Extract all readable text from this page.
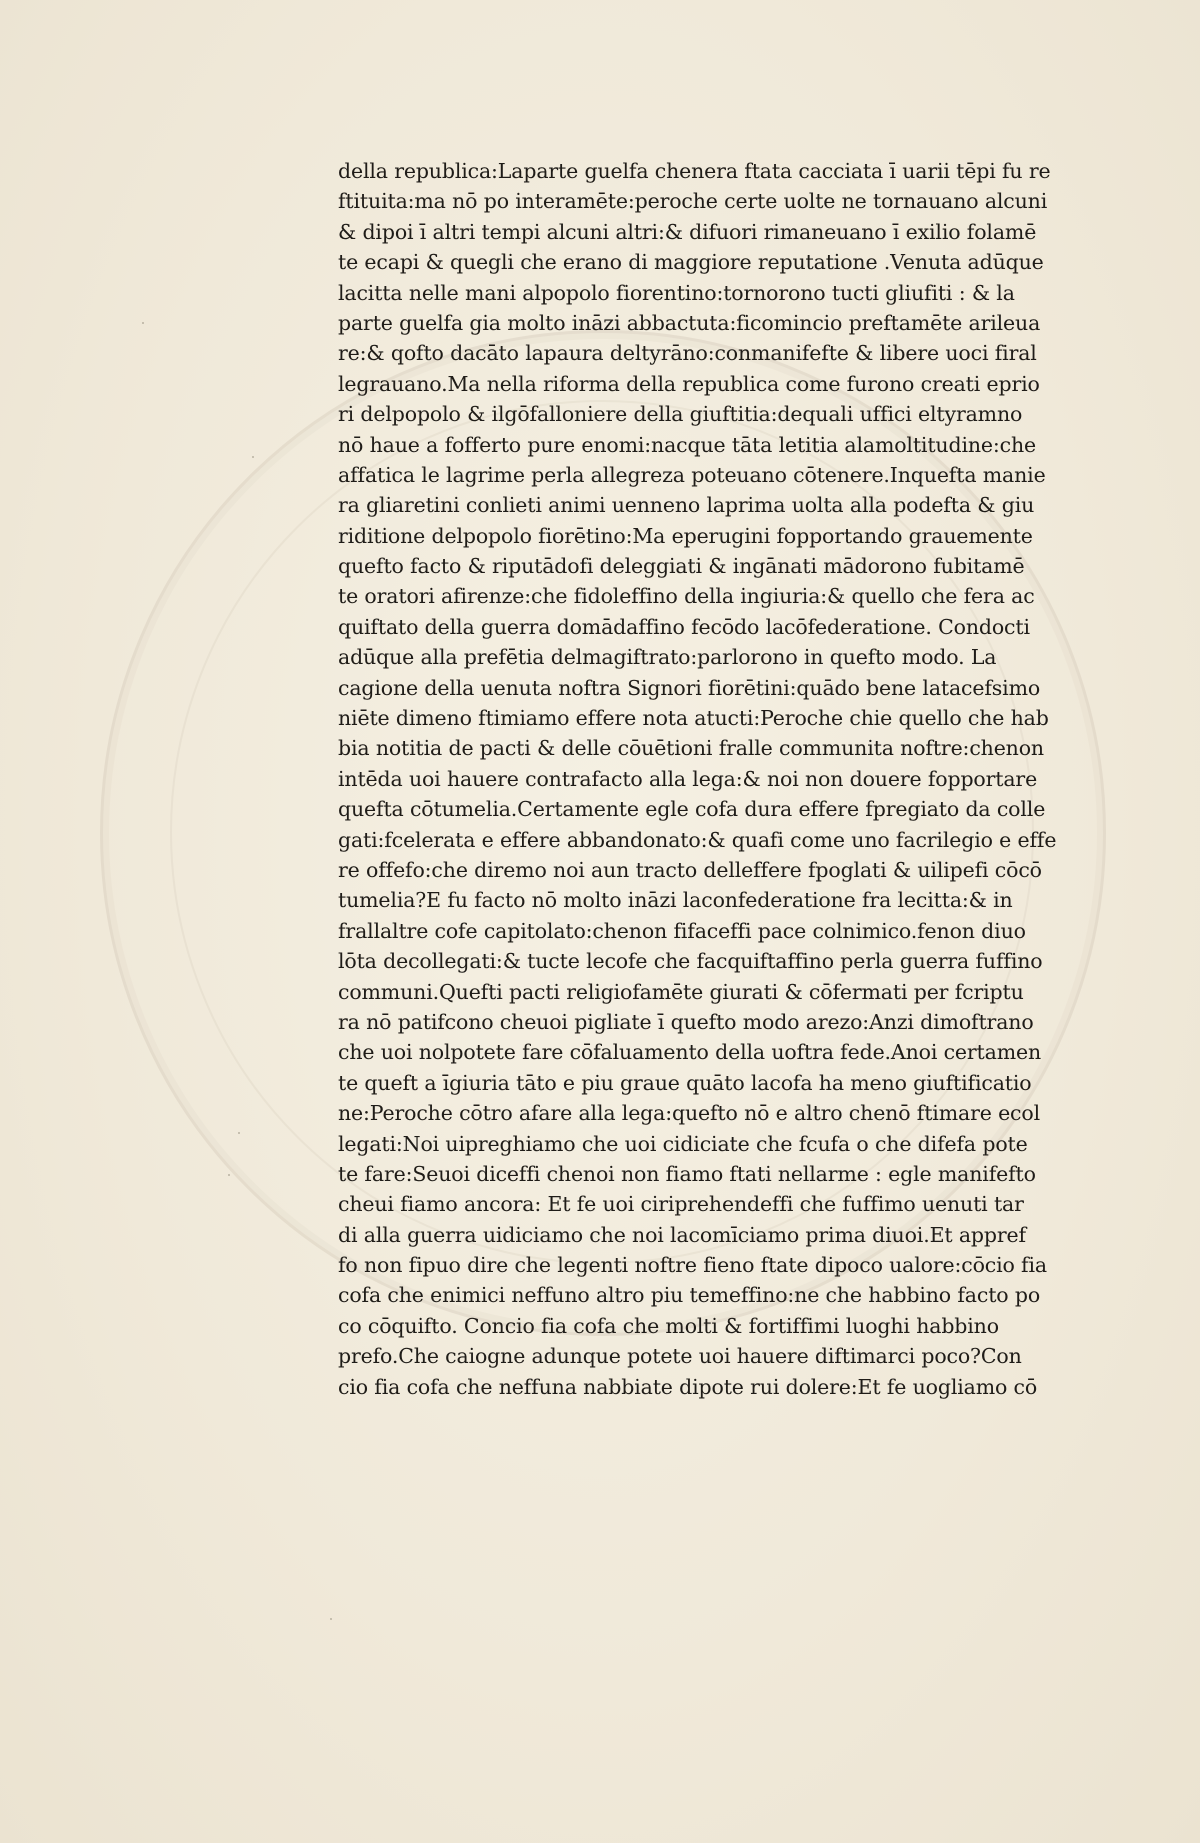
della republica:Laparte guelfa chenera ftata cacciata ī uarii tēpi fu re
ftituita:ma nō po interamēte:peroche certe uolte ne tornauano alcuni
& dipoi ī altri tempi alcuni altri:& difuori rimaneuano ī exilio folamē
te ecapi & quegli che erano di maggiore reputatione .Venuta adūque
lacitta nelle mani alpopolo fiorentino:tornorono tucti gliufiti : & la
parte guelfa gia molto ināzi abbactuta:ficomincio preftamēte arileua
re:& qofto dacāto lapaura deltyrāno:conmanifefte & libere uoci firal
legrauano.Ma nella riforma della republica come furono creati eprio
ri delpopolo & ilgōfalloniere della giuftitia:dequali uffici eltyramno
nō haue a fofferto pure enomi:nacque tāta letitia alamoltitudine:che
affatica le lagrime perla allegreza poteuano cōtenere.Inquefta manie
ra gliaretini conlieti animi uenneno laprima uolta alla podefta & giu
riditione delpopolo fiorētino:Ma eperugini fopportando grauemente
quefto facto & riputādofi deleggiati & ingānati mādorono fubitamē
te oratori afirenze:che fidoleffino della ingiuria:& quello che fera ac
quiftato della guerra domādaffino fecōdo lacōfederatione. Condocti
adūque alla prefētia delmagiftrato:parlorono in quefto modo. La
cagione della uenuta noftra Signori fiorētini:quādo bene latacefsimo
niēte dimeno ftimiamo effere nota atucti:Peroche chie quello che hab
bia notitia de pacti & delle cōuētioni fralle communita noftre:chenon
intēda uoi hauere contrafacto alla lega:& noi non douere fopportare
quefta cōtumelia.Certamente egle cofa dura effere fpregiato da colle
gati:fcelerata e effere abbandonato:& quafi come uno facrilegio e effe
re offefo:che diremo noi aun tracto delleffere fpoglati & uilipefi cōcō
tumelia?E fu facto nō molto ināzi laconfederatione fra lecitta:& in
frallaltre cofe capitolato:chenon fifaceffi pace colnimico.fenon diuo
lōta decollegati:& tucte lecofe che facquiftaffino perla guerra fuffino
communi.Quefti pacti religiofamēte giurati & cōfermati per fcriptu
ra nō patifcono cheuoi pigliate ī quefto modo arezo:Anzi dimoftrano
che uoi nolpotete fare cōfaluamento della uoftra fede.Anoi certamen
te queft a īgiuria tāto e piu graue quāto lacofa ha meno giuftificatio
ne:Peroche cōtro afare alla lega:quefto nō e altro chenō ftimare ecol
legati:Noi uipreghiamo che uoi cidiciate che fcufa o che difefa pote
te fare:Seuoi diceffi chenoi non fiamo ftati nellarme : egle manifefto
cheui fiamo ancora: Et fe uoi ciriprehendeffi che fuffimo uenuti tar
di alla guerra uidiciamo che noi lacomīciamo prima diuoi.Et appref
fo non fipuo dire che legenti noftre fieno ftate dipoco ualore:cōcio fia
cofa che enimici neffuno altro piu temeffino:ne che habbino facto po
co cōquifto. Concio fia cofa che molti & fortiffimi luoghi habbino
prefo.Che caiogne adunque potete uoi hauere diftimarci poco?Con
cio fia cofa che neffuna nabbiate dipote rui dolere:Et fe uogliamo cō
